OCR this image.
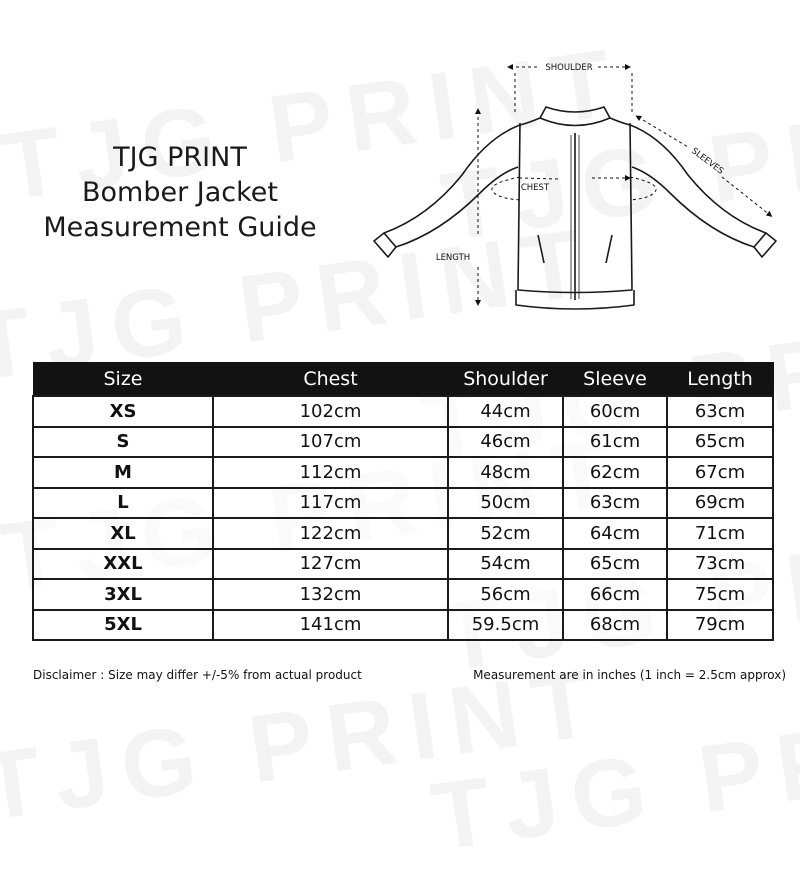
TJG PRINT
Bomber Jacket
Measurement Guide
SHOULDER
SLEEVES
CHEST
LENGTH
Size	Chest	Shoulder	Sleeve	Length
XS	102cm	44cm	60cm	63cm
S	107cm	46cm	61cm	65cm
M	112cm	48cm	62cm	67cm
L	117cm	50cm	63cm	69cm
XL	122cm	52cm	64cm	71cm
XXL	127cm	54cm	65cm	73cm
3XL	132cm	56cm	66cm	75cm
5XL	141cm	59.5cm	68cm	79cm
Disclaimer : Size may differ +/-5% from actual product	Measurement are in inches (1 inch = 2.5cm approx)
